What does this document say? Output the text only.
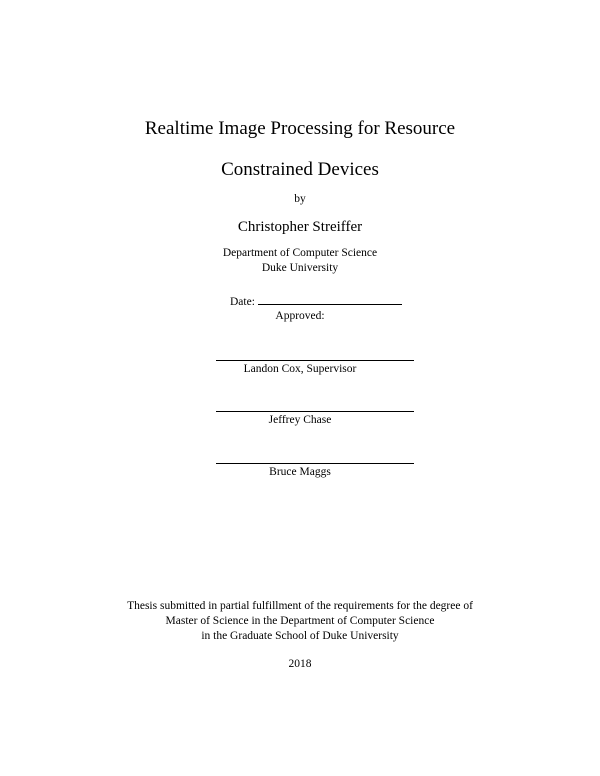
Realtime Image Processing for Resource
Constrained Devices
by
Christopher Streiffer
Department of Computer Science
Duke University
Date:
Approved:
Landon Cox, Supervisor
Jeffrey Chase
Bruce Maggs
Thesis submitted in partial fulfillment of the requirements for the degree of
Master of Science in the Department of Computer Science
in the Graduate School of Duke University
2018
